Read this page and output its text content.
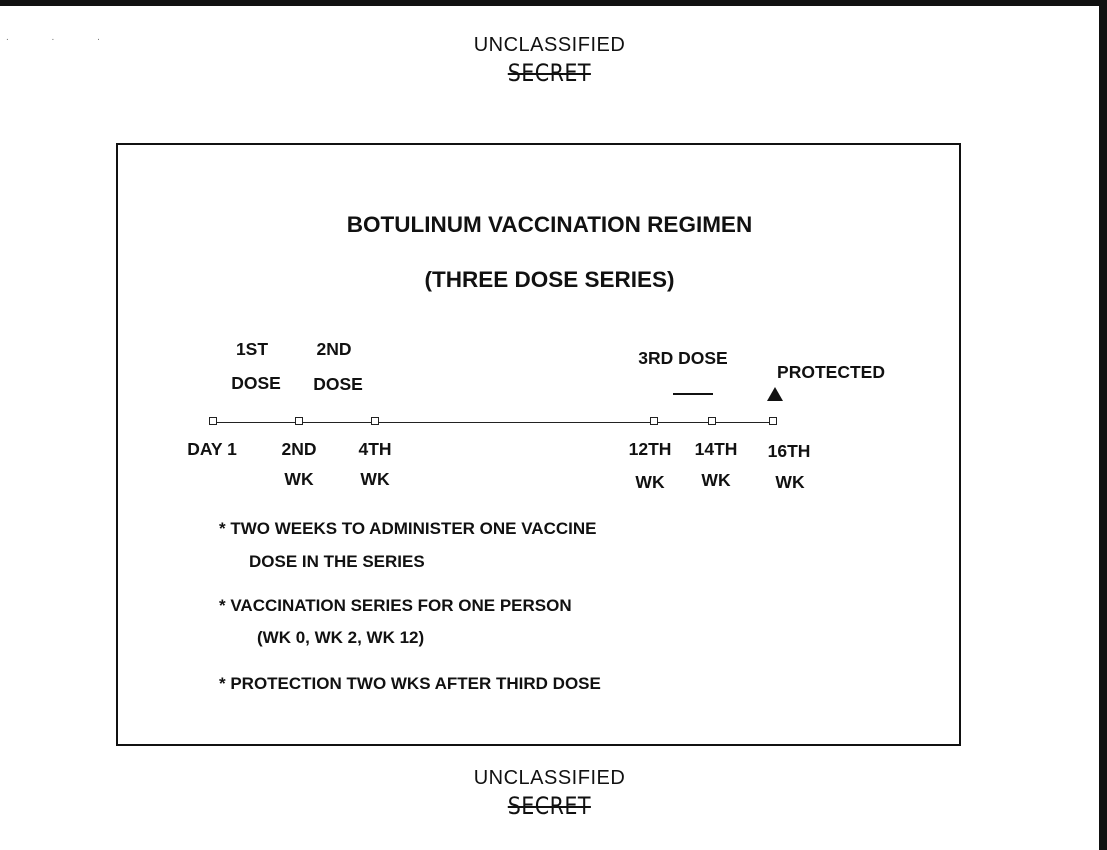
. . .	UNCLASSIFIED
SECRET
BOTULINUM VACCINATION REGIMEN
(THREE DOSE SERIES)
1ST
DOSE
2ND
DOSE
3RD DOSE
PROTECTED
DAY 1	2ND
WK
4TH
WK
12TH
WK
14TH
WK
16TH
WK
* TWO WEEKS TO ADMINISTER ONE VACCINE
DOSE IN THE SERIES
* VACCINATION SERIES FOR ONE PERSON
(WK 0, WK 2, WK 12)
* PROTECTION TWO WKS AFTER THIRD DOSE
UNCLASSIFIED
SECRET
